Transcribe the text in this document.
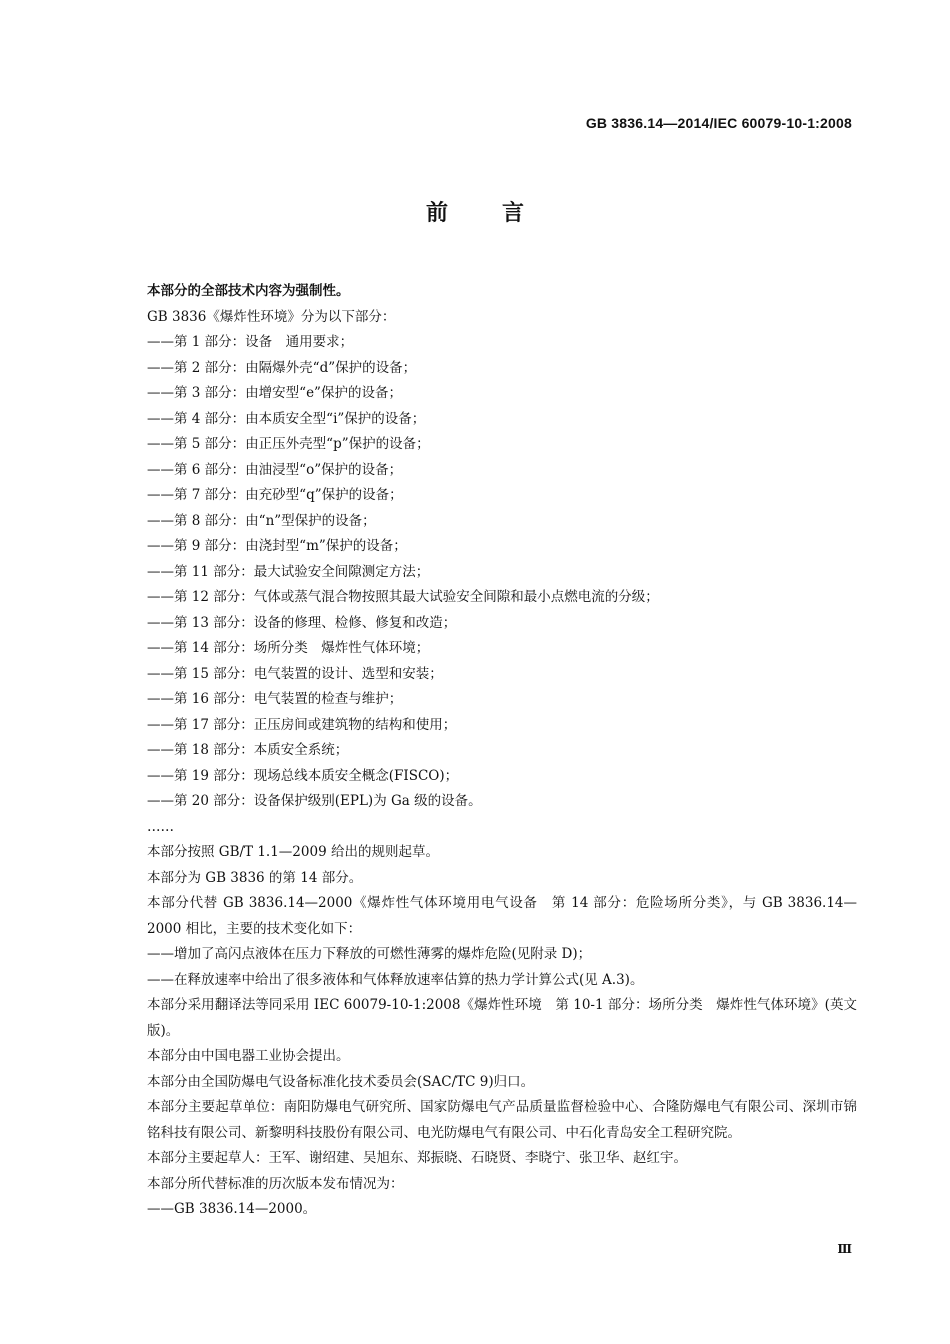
GB 3836.14—2014/IEC 60079-10-1:2008
前言
本部分的全部技术内容为强制性。
GB 3836《爆炸性环境》分为以下部分：
——第 1 部分：设备　通用要求；
——第 2 部分：由隔爆外壳“d”保护的设备；
——第 3 部分：由增安型“e”保护的设备；
——第 4 部分：由本质安全型“i”保护的设备；
——第 5 部分：由正压外壳型“p”保护的设备；
——第 6 部分：由油浸型“o”保护的设备；
——第 7 部分：由充砂型“q”保护的设备；
——第 8 部分：由“n”型保护的设备；
——第 9 部分：由浇封型“m”保护的设备；
——第 11 部分：最大试验安全间隙测定方法；
——第 12 部分：气体或蒸气混合物按照其最大试验安全间隙和最小点燃电流的分级；
——第 13 部分：设备的修理、检修、修复和改造；
——第 14 部分：场所分类　爆炸性气体环境；
——第 15 部分：电气装置的设计、选型和安装；
——第 16 部分：电气装置的检查与维护；
——第 17 部分：正压房间或建筑物的结构和使用；
——第 18 部分：本质安全系统；
——第 19 部分：现场总线本质安全概念(FISCO)；
——第 20 部分：设备保护级别(EPL)为 Ga 级的设备。
……
本部分按照 GB/T 1.1—2009 给出的规则起草。
本部分为 GB 3836 的第 14 部分。
本部分代替 GB 3836.14—2000《爆炸性气体环境用电气设备　第 14 部分：危险场所分类》，与 GB 3836.14—2000 相比，主要的技术变化如下：
——增加了高闪点液体在压力下释放的可燃性薄雾的爆炸危险(见附录 D)；
——在释放速率中给出了很多液体和气体释放速率估算的热力学计算公式(见 A.3)。
本部分采用翻译法等同采用 IEC 60079-10-1:2008《爆炸性环境　第 10-1 部分：场所分类　爆炸性气体环境》(英文版)。
本部分由中国电器工业协会提出。
本部分由全国防爆电气设备标准化技术委员会(SAC/TC 9)归口。
本部分主要起草单位：南阳防爆电气研究所、国家防爆电气产品质量监督检验中心、合隆防爆电气有限公司、深圳市锦铭科技有限公司、新黎明科技股份有限公司、电光防爆电气有限公司、中石化青岛安全工程研究院。
本部分主要起草人：王军、谢绍建、吴旭东、郑振晓、石晓贤、李晓宁、张卫华、赵红宇。
本部分所代替标准的历次版本发布情况为：
——GB 3836.14—2000。
Ⅲ
